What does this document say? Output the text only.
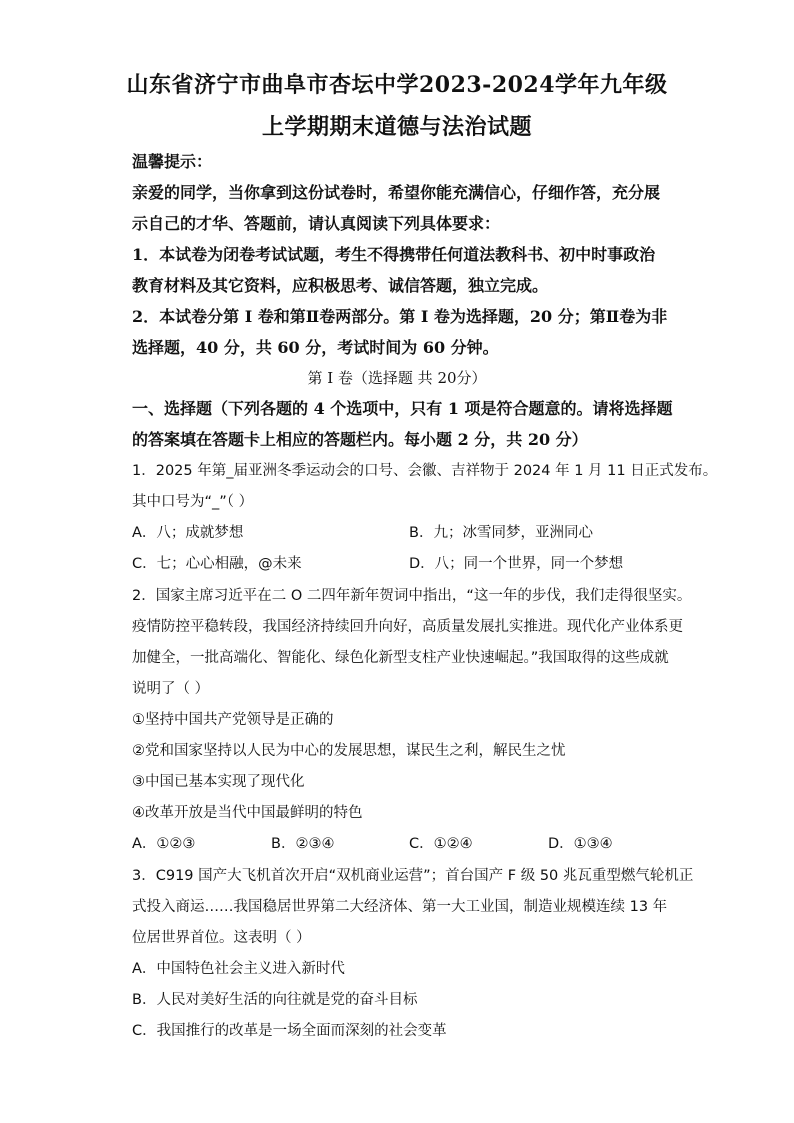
山东省济宁市曲阜市杏坛中学2023-2024学年九年级
上学期期末道德与法治试题
温馨提示：
亲爱的同学，当你拿到这份试卷时，希望你能充满信心，仔细作答，充分展
示自己的才华、答题前，请认真阅读下列具体要求：
1．本试卷为闭卷考试试题，考生不得携带任何道法教科书、初中时事政治
教育材料及其它资料，应积极思考、诚信答题，独立完成。
2．本试卷分第 I 卷和第Ⅱ卷两部分。第 I 卷为选择题，20 分；第Ⅱ卷为非
选择题，40 分，共 60 分，考试时间为 60 分钟。
第 I 卷（选择题 共 20分）
一、选择题（下列各题的 4 个选项中，只有 1 项是符合题意的。请将选择题
的答案填在答题卡上相应的答题栏内。每小题 2 分，共 20 分）
1．2025 年第_届亚洲冬季运动会的口号、会徽、吉祥物于 2024 年 1 月 11 日正式发布。
其中口号为“_”（ ）
A．八；成就梦想	B．九；冰雪同梦，亚洲同心
C．七；心心相融，@未来	D．八；同一个世界，同一个梦想
2．国家主席习近平在二 O 二四年新年贺词中指出，“这一年的步伐，我们走得很坚实。
疫情防控平稳转段，我国经济持续回升向好，高质量发展扎实推进。现代化产业体系更
加健全，一批高端化、智能化、绿色化新型支柱产业快速崛起。”我国取得的这些成就
说明了（ ）
①坚持中国共产党领导是正确的
②党和国家坚持以人民为中心的发展思想，谋民生之利，解民生之忧
③中国已基本实现了现代化
④改革开放是当代中国最鲜明的特色
A．①②③	B．②③④	C．①②④	D．①③④
3．C919 国产大飞机首次开启“双机商业运营”；首台国产 F 级 50 兆瓦重型燃气轮机正
式投入商运……我国稳居世界第二大经济体、第一大工业国，制造业规模连续 13 年
位居世界首位。这表明（ ）
A．中国特色社会主义进入新时代
B．人民对美好生活的向往就是党的奋斗目标
C．我国推行的改革是一场全面而深刻的社会变革
